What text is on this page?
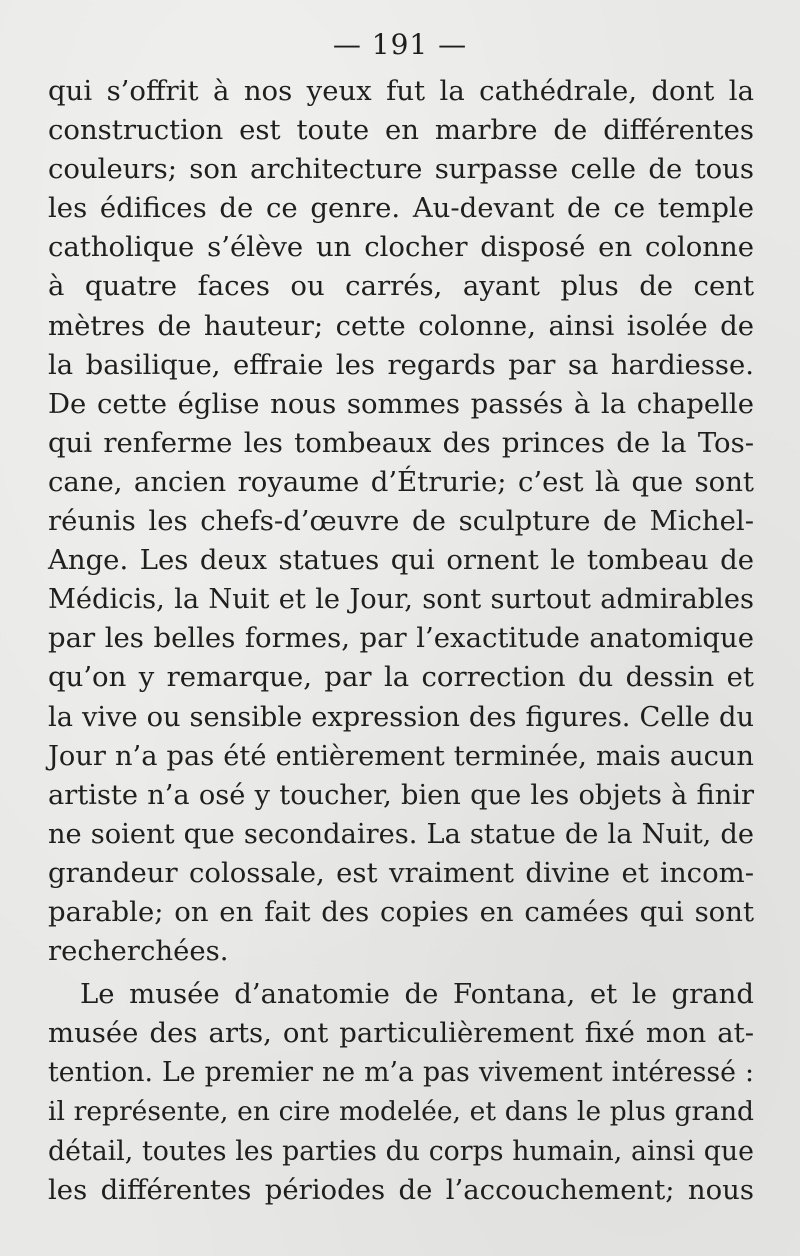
— 191 —
qui s’offrit à nos yeux fut la cathédrale, dont la
construction est toute en marbre de différentes
couleurs; son architecture surpasse celle de tous
les édifices de ce genre. Au-devant de ce temple
catholique s’élève un clocher disposé en colonne
à quatre faces ou carrés, ayant plus de cent
mètres de hauteur; cette colonne, ainsi isolée de
la basilique, effraie les regards par sa hardiesse.
De cette église nous sommes passés à la chapelle
qui renferme les tombeaux des princes de la Tos-
cane, ancien royaume d’Étrurie; c’est là que sont
réunis les chefs-d’œuvre de sculpture de Michel-
Ange. Les deux statues qui ornent le tombeau de
Médicis, la Nuit et le Jour, sont surtout admirables
par les belles formes, par l’exactitude anatomique
qu’on y remarque, par la correction du dessin et
la vive ou sensible expression des figures. Celle du
Jour n’a pas été entièrement terminée, mais aucun
artiste n’a osé y toucher, bien que les objets à finir
ne soient que secondaires. La statue de la Nuit, de
grandeur colossale, est vraiment divine et incom-
parable; on en fait des copies en camées qui sont
recherchées.
Le musée d’anatomie de Fontana, et le grand
musée des arts, ont particulièrement fixé mon at-
tention. Le premier ne m’a pas vivement intéressé :
il représente, en cire modelée, et dans le plus grand
détail, toutes les parties du corps humain, ainsi que
les différentes périodes de l’accouchement; nous
